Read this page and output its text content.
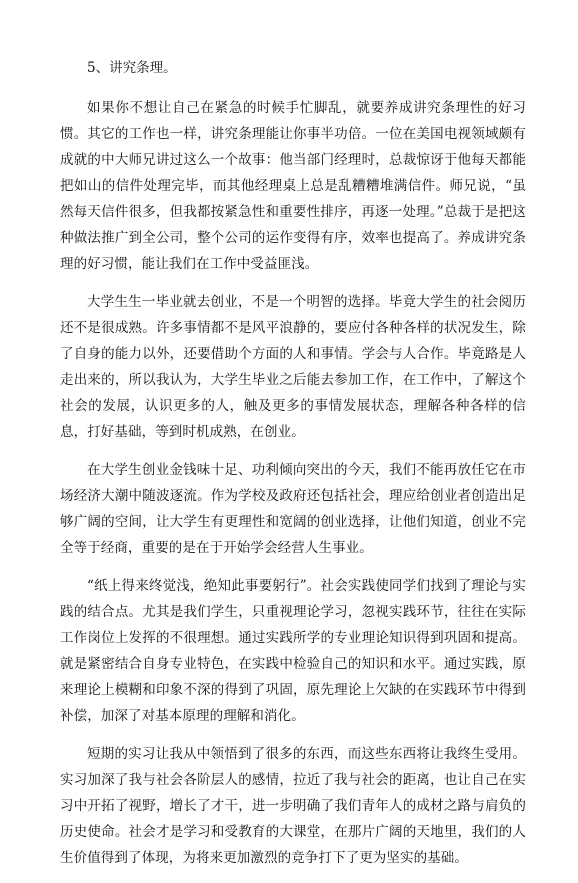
5、讲究条理。

如果你不想让自己在紧急的时候手忙脚乱，就要养成讲究条理性的好习惯。其它的工作也一样，讲究条理能让你事半功倍。一位在美国电视领域颇有成就的中大师兄讲过这么一个故事：他当部门经理时，总裁惊讶于他每天都能把如山的信件处理完毕，而其他经理桌上总是乱糟糟堆满信件。师兄说，“虽然每天信件很多，但我都按紧急性和重要性排序，再逐一处理。”总裁于是把这种做法推广到全公司，整个公司的运作变得有序，效率也提高了。养成讲究条理的好习惯，能让我们在工作中受益匪浅。

大学生生一毕业就去创业，不是一个明智的选择。毕竟大学生的社会阅历还不是很成熟。许多事情都不是风平浪静的，要应付各种各样的状况发生，除了自身的能力以外，还要借助个方面的人和事情。学会与人合作。毕竟路是人走出来的，所以我认为，大学生毕业之后能去参加工作，在工作中，了解这个社会的发展，认识更多的人，触及更多的事情发展状态，理解各种各样的信息，打好基础，等到时机成熟，在创业。

在大学生创业金钱味十足、功利倾向突出的今天，我们不能再放任它在市场经济大潮中随波逐流。作为学校及政府还包括社会，理应给创业者创造出足够广阔的空间，让大学生有更理性和宽阔的创业选择，让他们知道，创业不完全等于经商，重要的是在于开始学会经营人生事业。

“纸上得来终觉浅，绝知此事要躬行”。社会实践使同学们找到了理论与实践的结合点。尤其是我们学生，只重视理论学习，忽视实践环节，往往在实际工作岗位上发挥的不很理想。通过实践所学的专业理论知识得到巩固和提高。就是紧密结合自身专业特色，在实践中检验自己的知识和水平。通过实践，原来理论上模糊和印象不深的得到了巩固，原先理论上欠缺的在实践环节中得到补偿，加深了对基本原理的理解和消化。

短期的实习让我从中领悟到了很多的东西，而这些东西将让我终生受用。实习加深了我与社会各阶层人的感情，拉近了我与社会的距离，也让自己在实习中开拓了视野，增长了才干，进一步明确了我们青年人的成材之路与肩负的历史使命。社会才是学习和受教育的大课堂，在那片广阔的天地里，我们的人生价值得到了体现，为将来更加激烈的竞争打下了更为坚实的基础。
